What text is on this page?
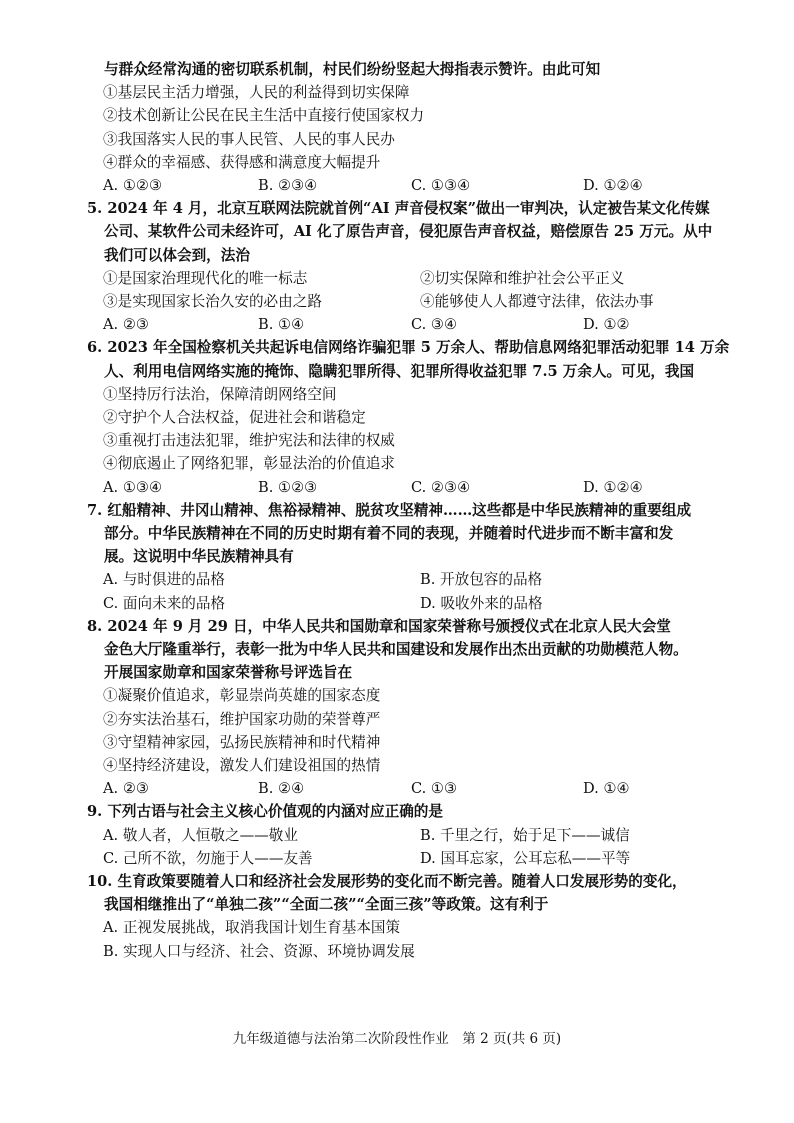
与群众经常沟通的密切联系机制，村民们纷纷竖起大拇指表示赞许。由此可知
①基层民主活力增强，人民的利益得到切实保障
②技术创新让公民在民主生活中直接行使国家权力
③我国落实人民的事人民管、人民的事人民办
④群众的幸福感、获得感和满意度大幅提升
A. ①②③	B. ②③④	C. ①③④	D. ①②④
5. 2024 年 4 月，北京互联网法院就首例“AI 声音侵权案”做出一审判决，认定被告某文化传媒
公司、某软件公司未经许可，AI 化了原告声音，侵犯原告声音权益，赔偿原告 25 万元。从中
我们可以体会到，法治
①是国家治理现代化的唯一标志	②切实保障和维护社会公平正义
③是实现国家长治久安的必由之路	④能够使人人都遵守法律，依法办事
A. ②③	B. ①④	C. ③④	D. ①②
6. 2023 年全国检察机关共起诉电信网络诈骗犯罪 5 万余人、帮助信息网络犯罪活动犯罪 14 万余
人、利用电信网络实施的掩饰、隐瞒犯罪所得、犯罪所得收益犯罪 7.5 万余人。可见，我国
①坚持厉行法治，保障清朗网络空间
②守护个人合法权益，促进社会和谐稳定
③重视打击违法犯罪，维护宪法和法律的权威
④彻底遏止了网络犯罪，彰显法治的价值追求
A. ①③④	B. ①②③	C. ②③④	D. ①②④
7. 红船精神、井冈山精神、焦裕禄精神、脱贫攻坚精神……这些都是中华民族精神的重要组成
部分。中华民族精神在不同的历史时期有着不同的表现，并随着时代进步而不断丰富和发
展。这说明中华民族精神具有
A. 与时俱进的品格	B. 开放包容的品格
C. 面向未来的品格	D. 吸收外来的品格
8. 2024 年 9 月 29 日，中华人民共和国勋章和国家荣誉称号颁授仪式在北京人民大会堂
金色大厅隆重举行，表彰一批为中华人民共和国建设和发展作出杰出贡献的功勋模范人物。
开展国家勋章和国家荣誉称号评选旨在
①凝聚价值追求，彰显崇尚英雄的国家态度
②夯实法治基石，维护国家功勋的荣誉尊严
③守望精神家园，弘扬民族精神和时代精神
④坚持经济建设，激发人们建设祖国的热情
A. ②③	B. ②④	C. ①③	D. ①④
9. 下列古语与社会主义核心价值观的内涵对应正确的是
A. 敬人者，人恒敬之——敬业	B. 千里之行，始于足下——诚信
C. 己所不欲，勿施于人——友善	D. 国耳忘家，公耳忘私——平等
10. 生育政策要随着人口和经济社会发展形势的变化而不断完善。随着人口发展形势的变化，
我国相继推出了“单独二孩”“全面二孩”“全面三孩”等政策。这有利于
A. 正视发展挑战，取消我国计划生育基本国策
B. 实现人口与经济、社会、资源、环境协调发展
九年级道德与法治第二次阶段性作业　第 2 页(共 6 页)
